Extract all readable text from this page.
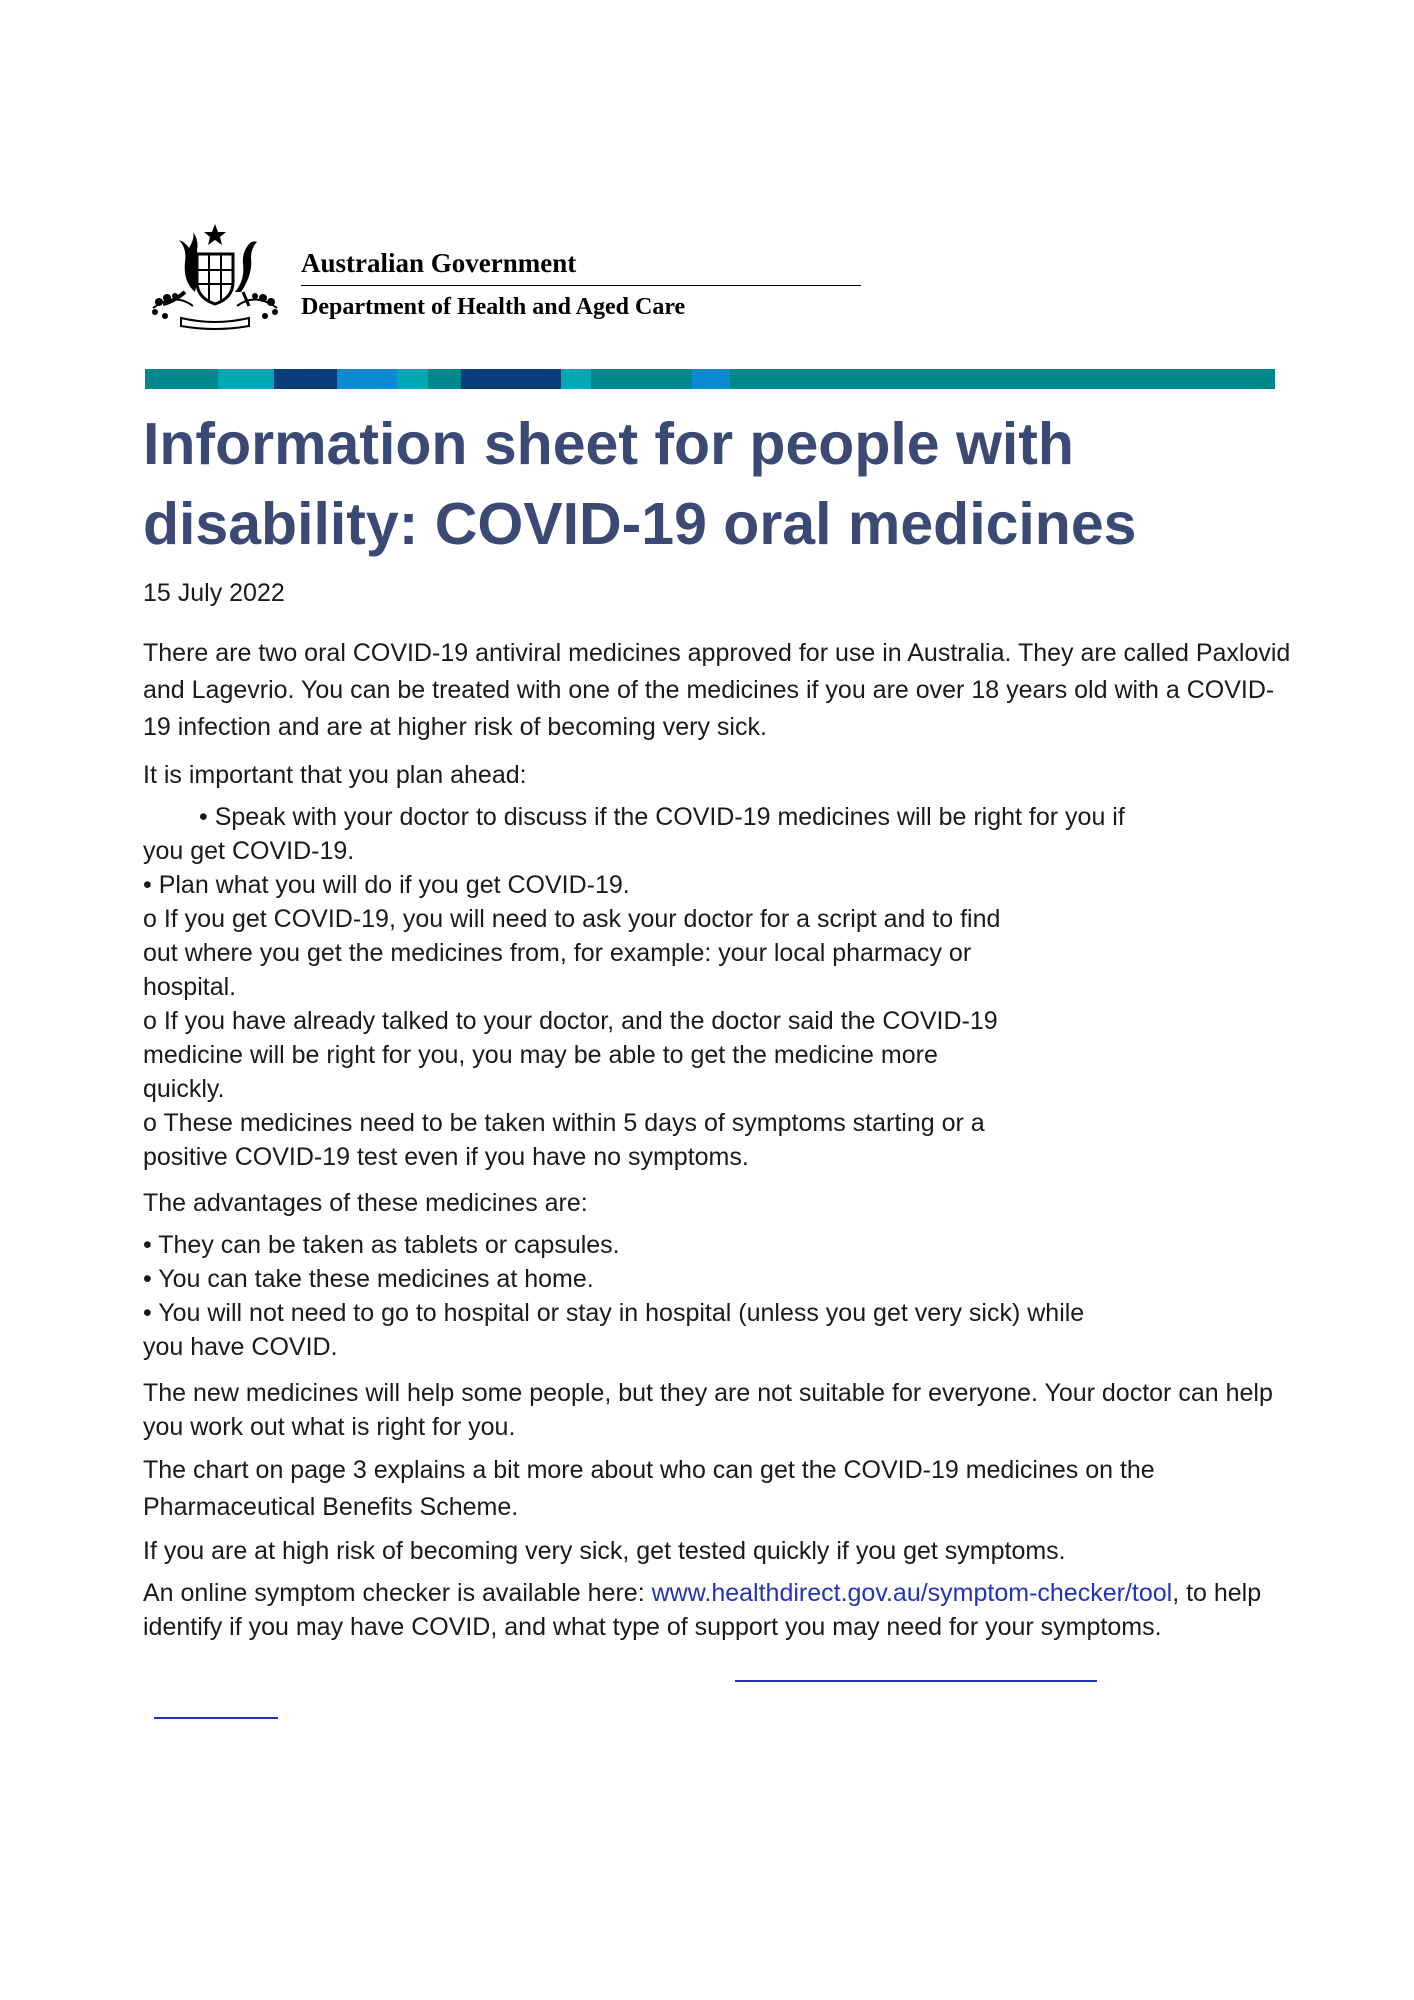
Australian Government
Department of Health and Aged Care
Information sheet for people with
disability: COVID-19 oral medicines

15 July 2022

There are two oral COVID-19 antiviral medicines approved for use in Australia. They are called Paxlovid and Lagevrio. You can be treated with one of the medicines if you are over 18 years old with a COVID-19 infection and are at higher risk of becoming very sick.

It is important that you plan ahead:

• Speak with your doctor to discuss if the COVID-19 medicines will be right for you if

you get COVID-19.

• Plan what you will do if you get COVID-19.

o If you get COVID-19, you will need to ask your doctor for a script and to find

out where you get the medicines from, for example: your local pharmacy or

hospital.

o If you have already talked to your doctor, and the doctor said the COVID-19

medicine will be right for you, you may be able to get the medicine more

quickly.

o These medicines need to be taken within 5 days of symptoms starting or a

positive COVID-19 test even if you have no symptoms.

The advantages of these medicines are:

• They can be taken as tablets or capsules.

• You can take these medicines at home.

• You will not need to go to hospital or stay in hospital (unless you get very sick) while

you have COVID.

The new medicines will help some people, but they are not suitable for everyone. Your doctor can help you work out what is right for you.

The chart on page 3 explains a bit more about who can get the COVID-19 medicines on the Pharmaceutical Benefits Scheme.

If you are at high risk of becoming very sick, get tested quickly if you get symptoms.

An online symptom checker is available here: www.healthdirect.gov.au/symptom-checker/tool, to help identify if you may have COVID, and what type of support you may need for your symptoms.
